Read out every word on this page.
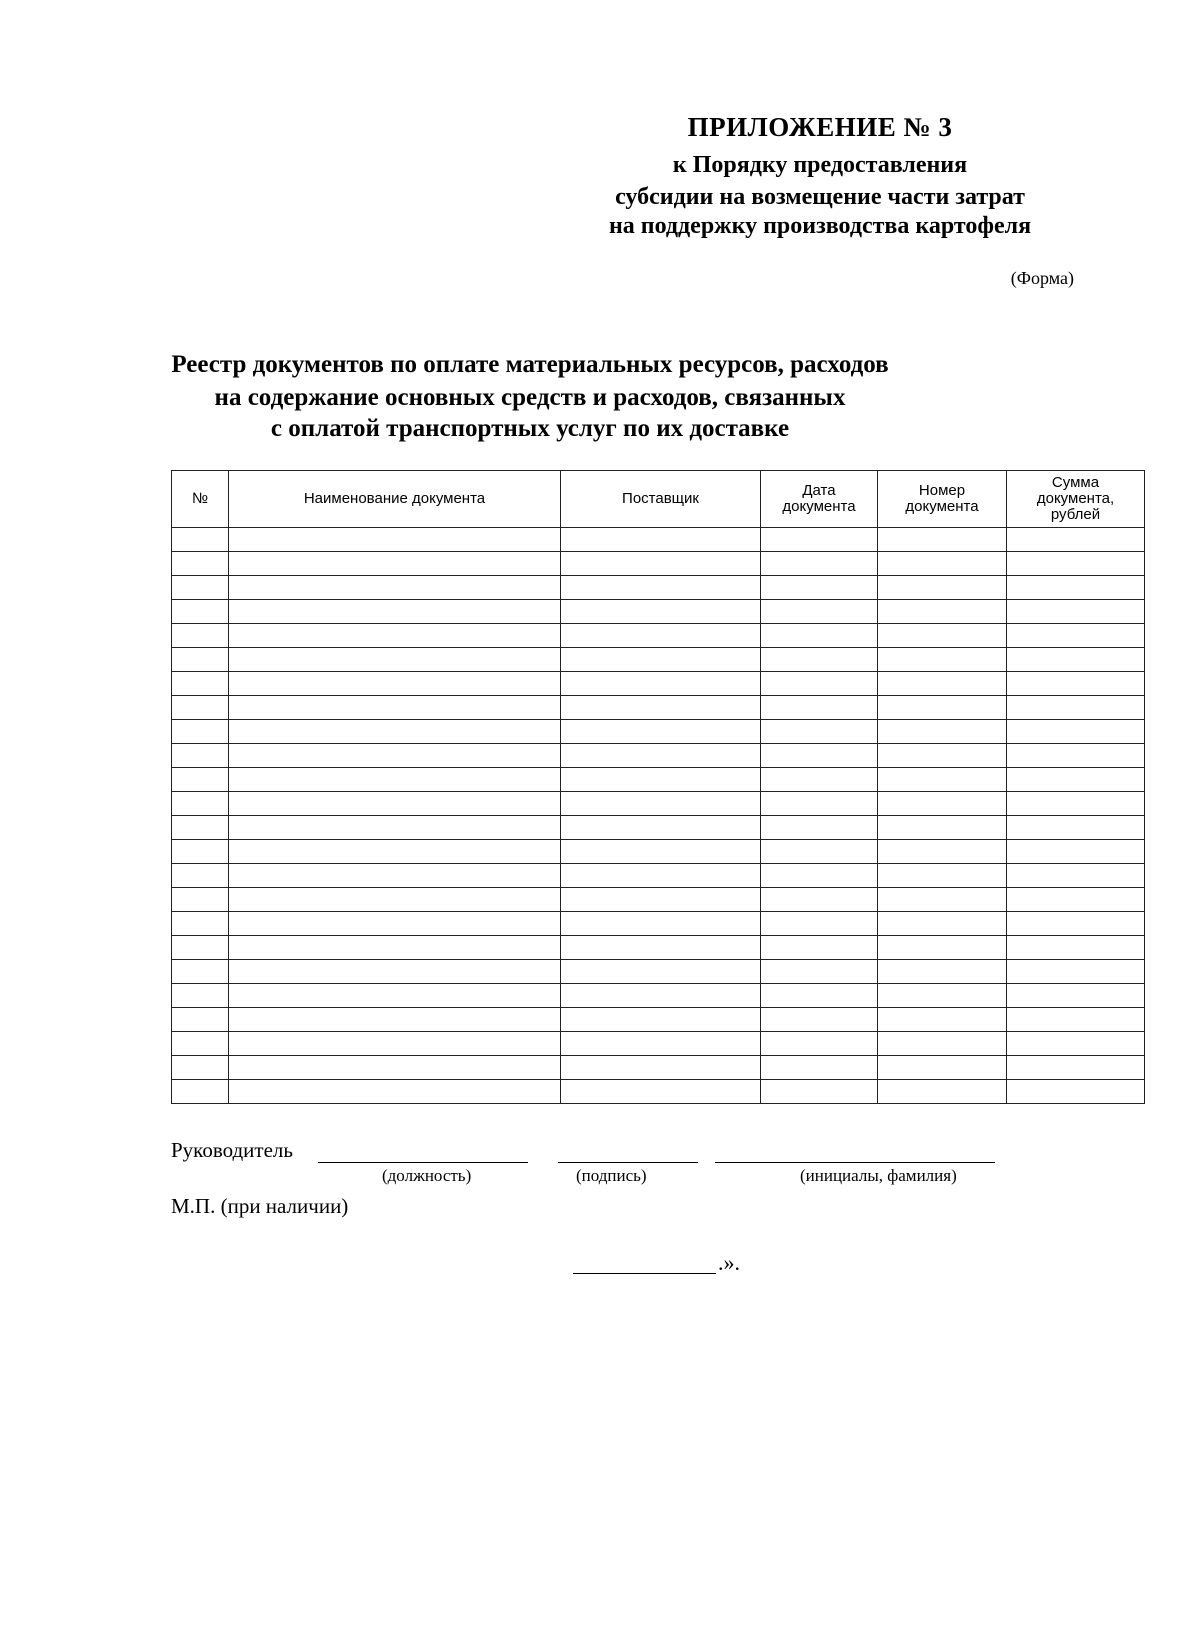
ПРИЛОЖЕНИЕ № 3
к Порядку предоставления
субсидии на возмещение части затрат
на поддержку производства картофеля
(Форма)
Реестр документов по оплате материальных ресурсов, расходов
на содержание основных средств и расходов, связанных
с оплатой транспортных услуг по их доставке
№	Наименование документа	Поставщик	Дата документа	Номер документа	Сумма документа, рублей

Руководитель
(должность)	(подпись)	(инициалы, фамилия)
М.П. (при наличии)
.».
